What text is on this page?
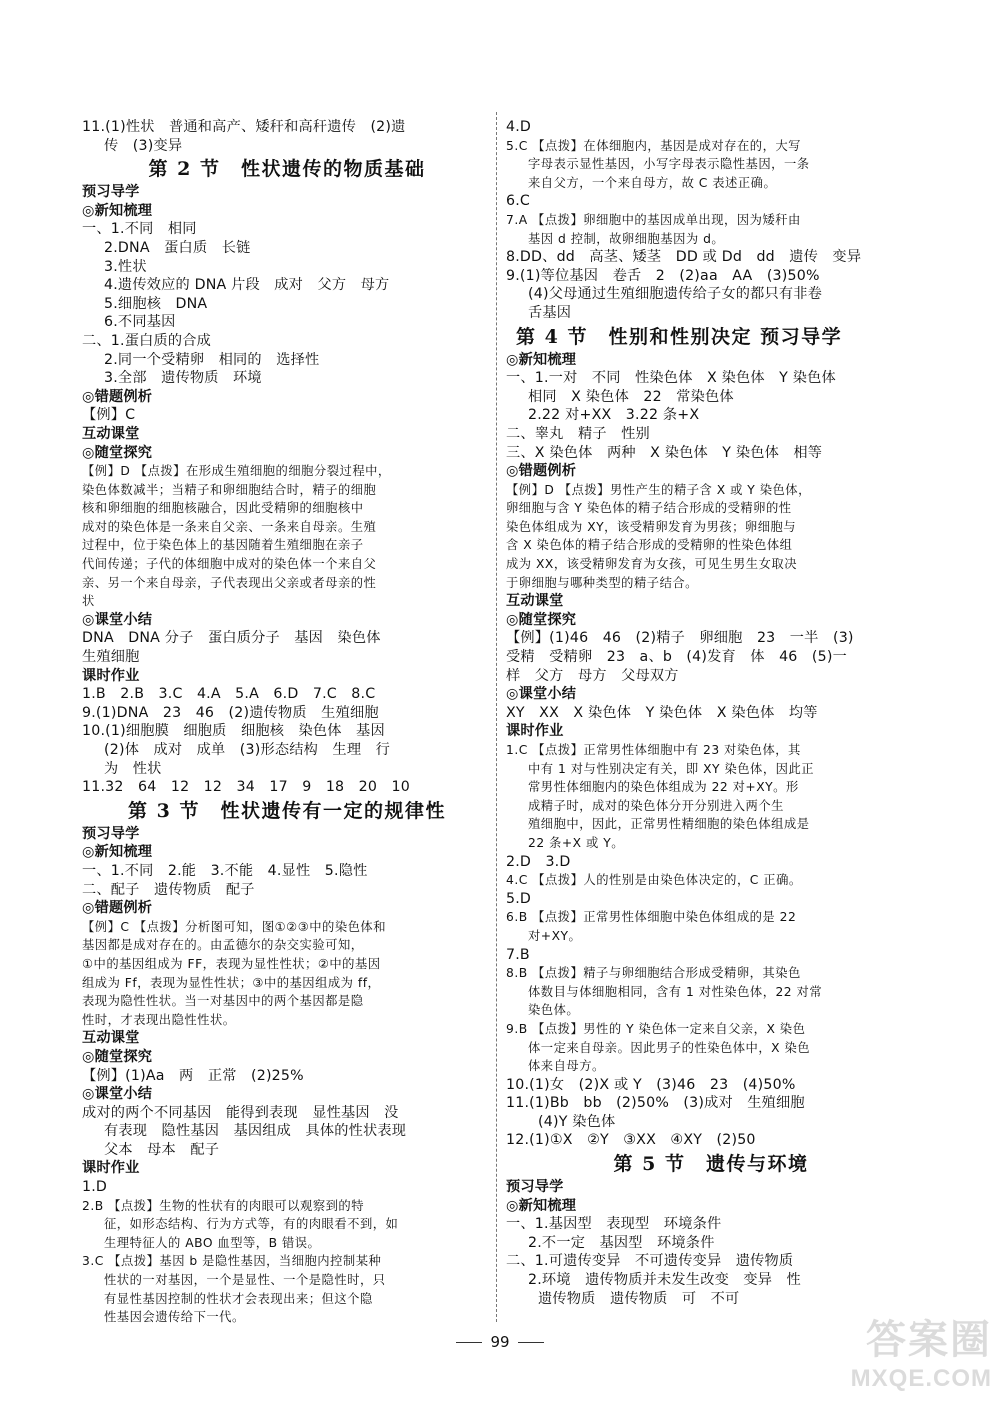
11.(1)性状　普通和高产、矮秆和高秆遗传　(2)遗
传　(3)变异
第 2 节　性状遗传的物质基础
预习导学
◎新知梳理
一、1.不同　相同
2.DNA　蛋白质　长链
3.性状
4.遗传效应的 DNA 片段　成对　父方　母方
5.细胞核　DNA
6.不同基因
二、1.蛋白质的合成
2.同一个受精卵　相同的　选择性
3.全部　遗传物质　环境
◎错题例析
【例】C
互动课堂
◎随堂探究
【例】D 【点拨】在形成生殖细胞的细胞分裂过程中，
染色体数减半；当精子和卵细胞结合时，精子的细胞
核和卵细胞的细胞核融合，因此受精卵的细胞核中
成对的染色体是一条来自父亲、一条来自母亲。生殖
过程中，位于染色体上的基因随着生殖细胞在亲子
代间传递；子代的体细胞中成对的染色体一个来自父
亲、另一个来自母亲，子代表现出父亲或者母亲的性
状
◎课堂小结
DNA　DNA 分子　蛋白质分子　基因　染色体
生殖细胞
课时作业
1.B　2.B　3.C　4.A　5.A　6.D　7.C　8.C
9.(1)DNA　23　46　(2)遗传物质　生殖细胞
10.(1)细胞膜　细胞质　细胞核　染色体　基因
(2)体　成对　成单　(3)形态结构　生理　行
为　性状
11.32　64　12　12　34　17　9　18　20　10
第 3 节　性状遗传有一定的规律性
预习导学
◎新知梳理
一、1.不同　2.能　3.不能　4.显性　5.隐性
二、配子　遗传物质　配子
◎错题例析
【例】C 【点拨】分析图可知，图①②③中的染色体和
基因都是成对存在的。由孟德尔的杂交实验可知，
①中的基因组成为 FF，表现为显性性状；②中的基因
组成为 Ff，表现为显性性状；③中的基因组成为 ff，
表现为隐性性状。当一对基因中的两个基因都是隐
性时，才表现出隐性性状。
互动课堂
◎随堂探究
【例】(1)Aa　两　正常　(2)25%
◎课堂小结
成对的两个不同基因　能得到表现　显性基因　没
有表现　隐性基因　基因组成　具体的性状表现
父本　母本　配子
课时作业
1.D
2.B 【点拨】生物的性状有的肉眼可以观察到的特
征，如形态结构、行为方式等，有的肉眼看不到，如
生理特征人的 ABO 血型等，B 错误。
3.C 【点拨】基因 b 是隐性基因，当细胞内控制某种
性状的一对基因，一个是显性、一个是隐性时，只
有显性基因控制的性状才会表现出来；但这个隐
性基因会遗传给下一代。
4.D
5.C 【点拨】在体细胞内，基因是成对存在的，大写
字母表示显性基因，小写字母表示隐性基因，一条
来自父方，一个来自母方，故 C 表述正确。
6.C
7.A 【点拨】卵细胞中的基因成单出现，因为矮秆由
基因 d 控制，故卵细胞基因为 d。
8.DD、dd　高茎、矮茎　DD 或 Dd　dd　遗传　变异
9.(1)等位基因　卷舌　2　(2)aa　AA　(3)50%
(4)父母通过生殖细胞遗传给子女的都只有非卷
舌基因
第 4 节　性别和性别决定 预习导学
◎新知梳理
一、1.一对　不同　性染色体　X 染色体　Y 染色体
相同　X 染色体　22　常染色体
2.22 对+XX　3.22 条+X
二、睾丸　精子　性别
三、X 染色体　两种　X 染色体　Y 染色体　相等
◎错题例析
【例】D 【点拨】男性产生的精子含 X 或 Y 染色体，
卵细胞与含 Y 染色体的精子结合形成的受精卵的性
染色体组成为 XY，该受精卵发育为男孩；卵细胞与
含 X 染色体的精子结合形成的受精卵的性染色体组
成为 XX，该受精卵发育为女孩，可见生男生女取决
于卵细胞与哪种类型的精子结合。
互动课堂
◎随堂探究
【例】(1)46　46　(2)精子　卵细胞　23　一半　(3)
受精　受精卵　23　a、b　(4)发育　体　46　(5)一
样　父方　母方　父母双方
◎课堂小结
XY　XX　X 染色体　Y 染色体　X 染色体　均等
课时作业
1.C 【点拨】正常男性体细胞中有 23 对染色体，其
中有 1 对与性别决定有关，即 XY 染色体，因此正
常男性体细胞内的染色体组成为 22 对+XY。形
成精子时，成对的染色体分开分别进入两个生
殖细胞中，因此，正常男性精细胞的染色体组成是
22 条+X 或 Y。
2.D　3.D
4.C 【点拨】人的性别是由染色体决定的，C 正确。
5.D
6.B 【点拨】正常男性体细胞中染色体组成的是 22
对+XY。
7.B
8.B 【点拨】精子与卵细胞结合形成受精卵，其染色
体数目与体细胞相同，含有 1 对性染色体，22 对常
染色体。
9.B 【点拨】男性的 Y 染色体一定来自父亲，X 染色
体一定来自母亲。因此男子的性染色体中，X 染色
体来自母方。
10.(1)女　(2)X 或 Y　(3)46　23　(4)50%
11.(1)Bb　bb　(2)50%　(3)成对　生殖细胞
(4)Y 染色体
12.(1)①X　②Y　③XX　④XY　(2)50
第 5 节　遗传与环境
预习导学
◎新知梳理
一、1.基因型　表现型　环境条件
2.不一定　基因型　环境条件
二、1.可遗传变异　不可遗传变异　遗传物质
2.环境　遗传物质并未发生改变　变异　性
遗传物质　遗传物质　可　不可
99	答案圈
MXQE.COM
